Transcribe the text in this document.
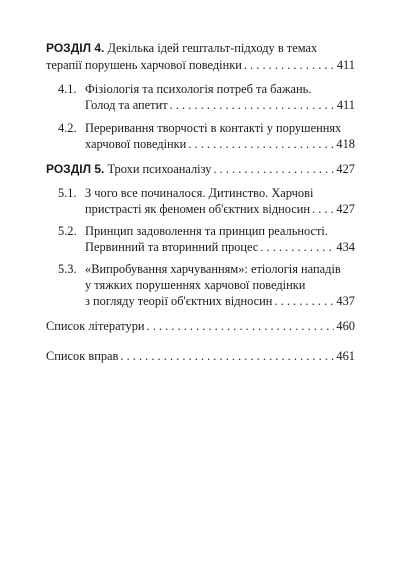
РОЗДІЛ 4. Декілька ідей гештальт-підходу в темах
терапії порушень харчової поведінки . . .	411
4.1. Фізіологія та психологія потреб та бажань.
Голод та апетит . . .	411
4.2. Переривання творчості в контакті у порушеннях
харчової поведінки . . .	418
РОЗДІЛ 5. Трохи психоаналізу . . .	427
5.1. З чого все починалося. Дитинство. Харчові
пристрасті як феномен об'єктних відносин . . . 427
5.2. Принцип задоволення та принцип реальності.
Первинний та вторинний процес . . .	434
5.3. «Випробування харчуванням»: етіологія нападів
у тяжких порушеннях харчової поведінки
з погляду теорії об'єктних відносин . . .	437
Список літератури . . .	460
Список вправ . . .	461
